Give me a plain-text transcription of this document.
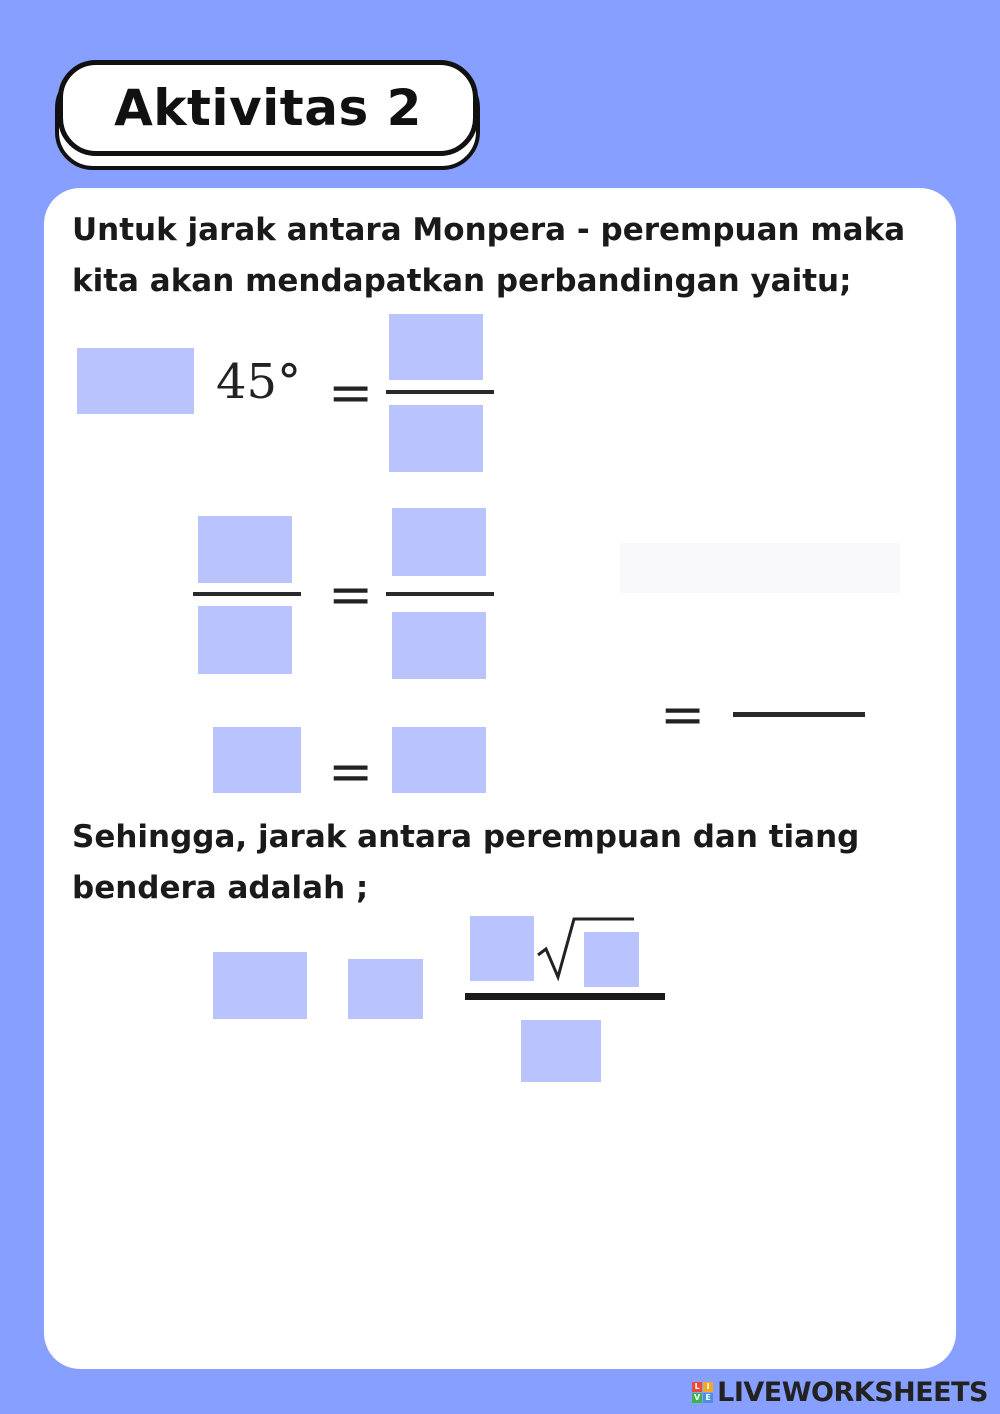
Aktivitas 2

Untuk jarak antara Monpera - perempuan maka kita akan mendapatkan perbandingan yaitu;

45° =
=
=
=

Sehingga, jarak antara perempuan dan tiang bendera adalah ;

L I
V E LIVEWORKSHEETS
